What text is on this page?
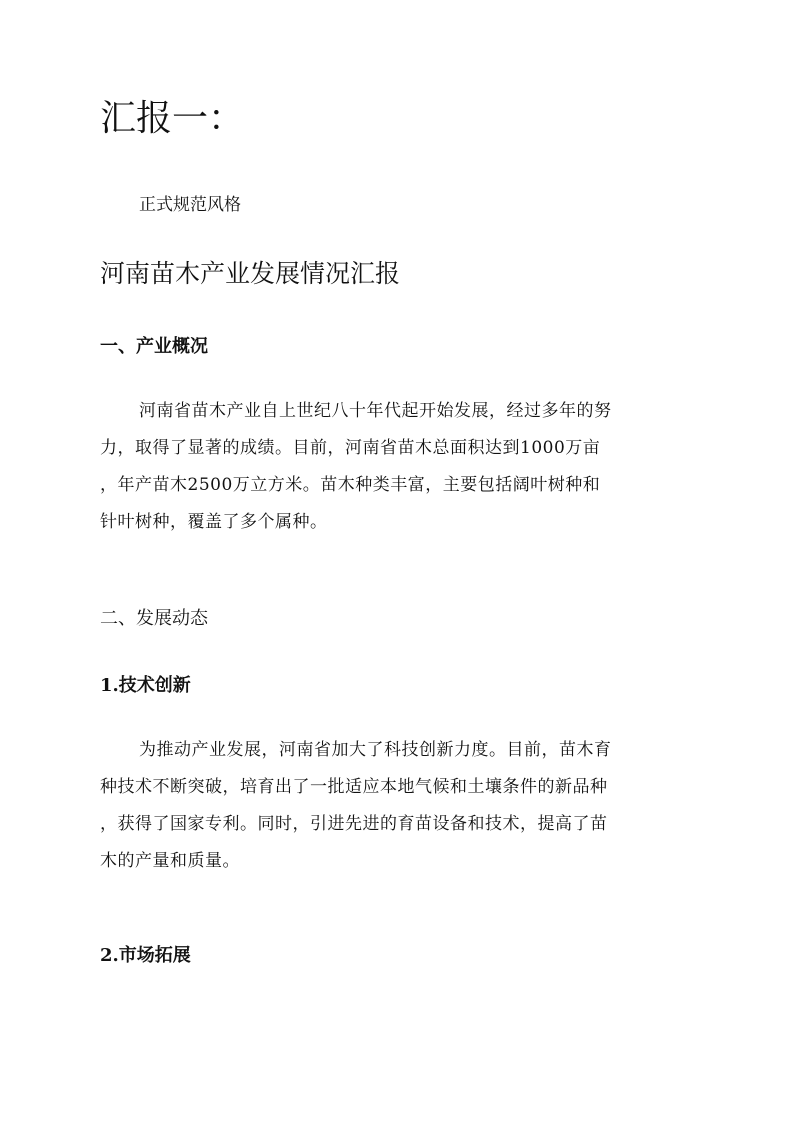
汇报一：
正式规范风格
河南苗木产业发展情况汇报
一、产业概况
河南省苗木产业自上世纪八十年代起开始发展，经过多年的努
力，取得了显著的成绩。目前，河南省苗木总面积达到1000万亩
，年产苗木2500万立方米。苗木种类丰富，主要包括阔叶树种和
针叶树种，覆盖了多个属种。
二、发展动态
1.技术创新
为推动产业发展，河南省加大了科技创新力度。目前，苗木育
种技术不断突破，培育出了一批适应本地气候和土壤条件的新品种
，获得了国家专利。同时，引进先进的育苗设备和技术，提高了苗
木的产量和质量。
2.市场拓展
